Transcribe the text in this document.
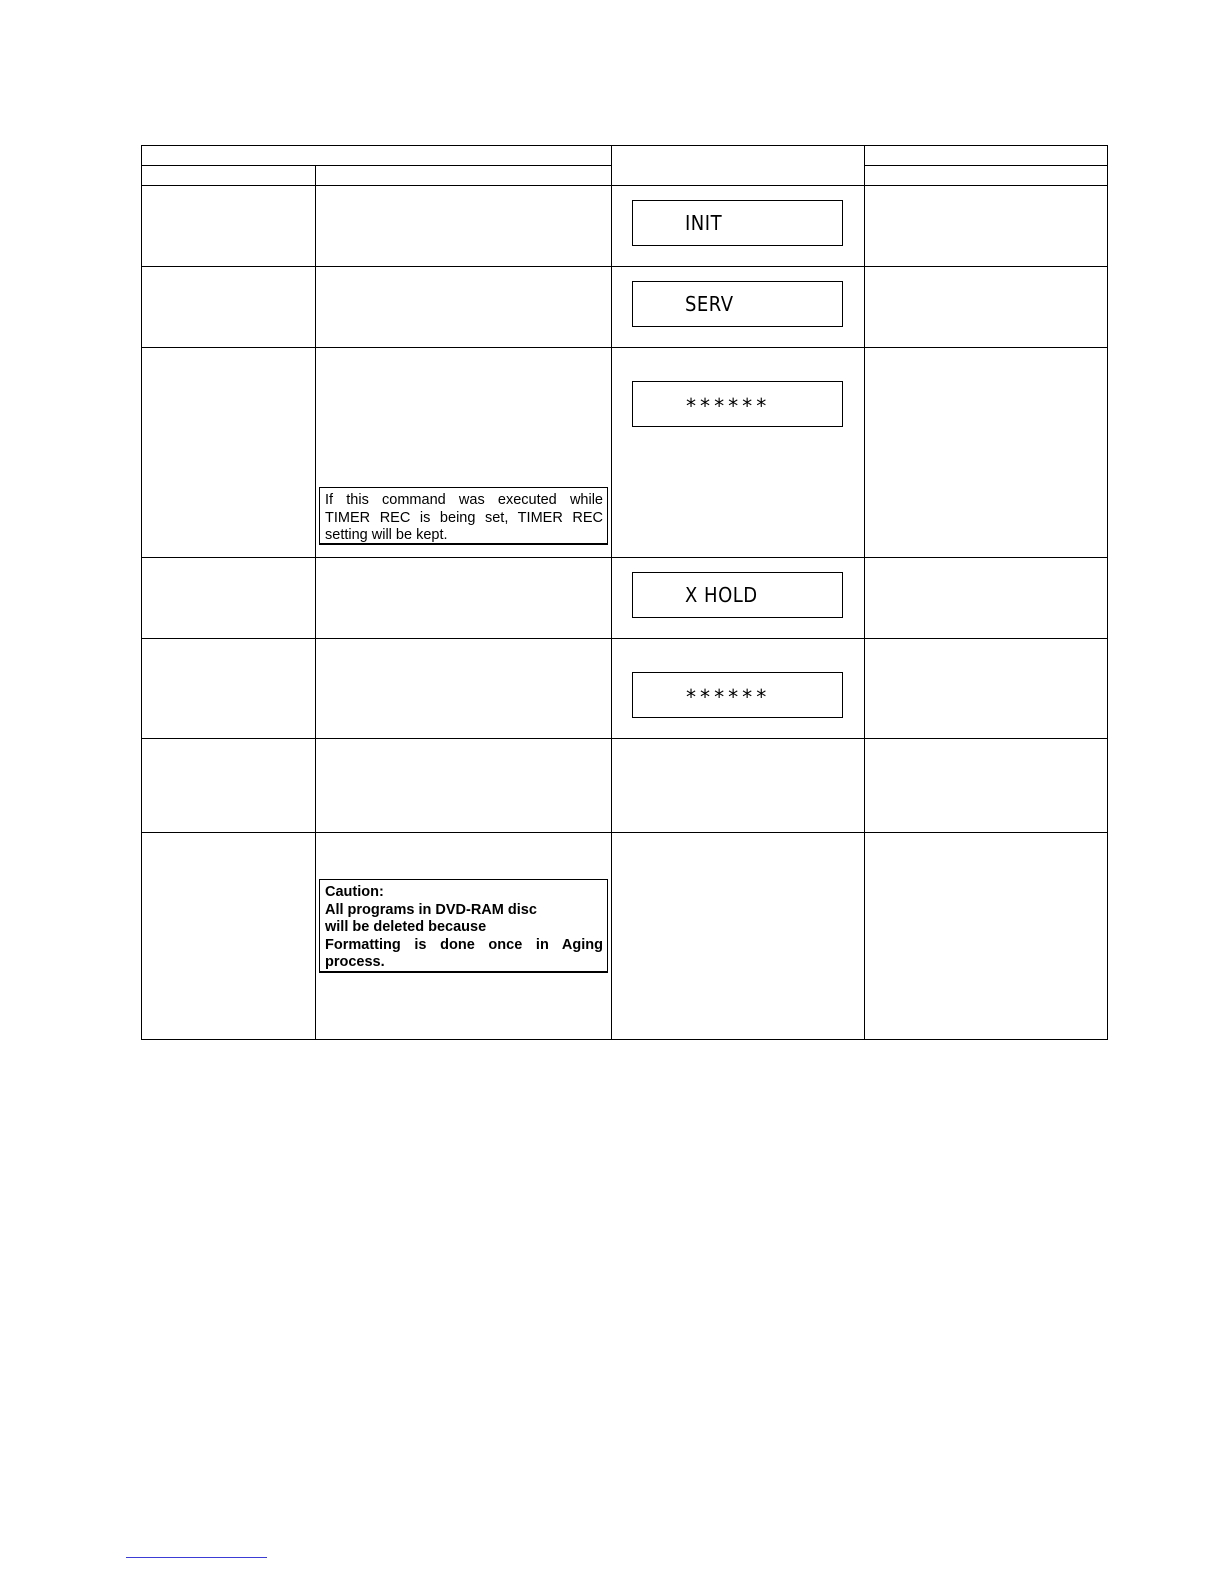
INIT
SERV
******
X HOLD
******
If this command was executed while
TIMER REC is being set, TIMER REC
setting will be kept.
Caution:
All programs in DVD-RAM disc
will be deleted because
Formatting is done once in Aging
process.
